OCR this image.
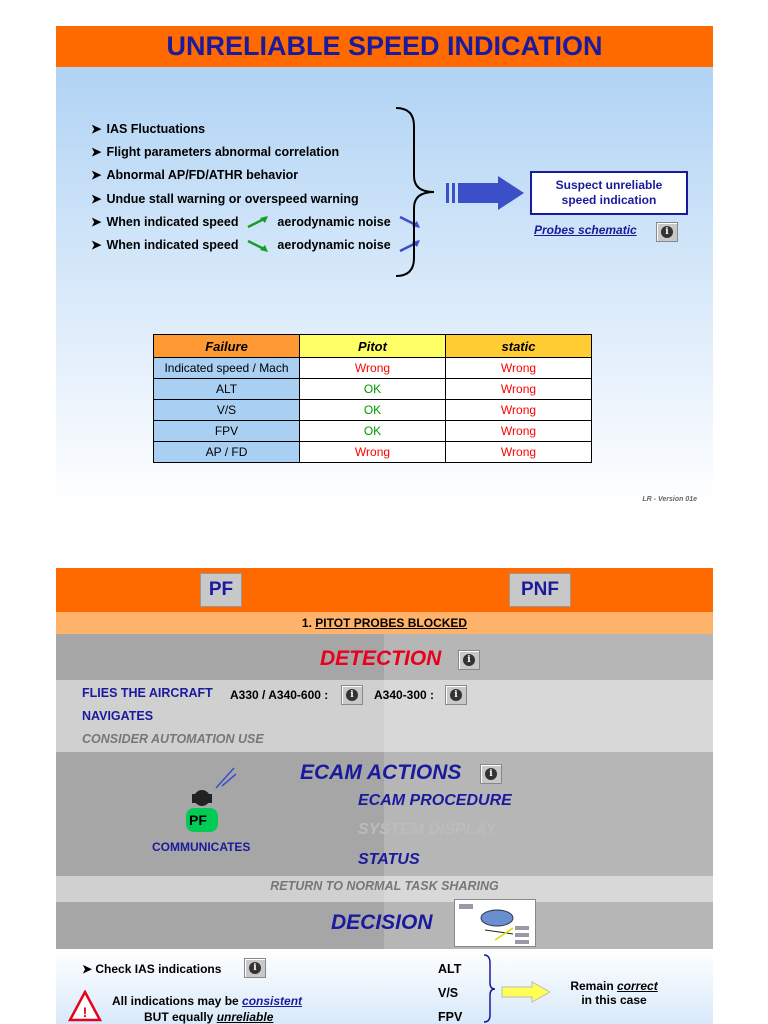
UNRELIABLE SPEED INDICATION
➤ IAS Fluctuations
➤ Flight parameters abnormal correlation
➤ Abnormal AP/FD/ATHR behavior
➤ Undue stall warning or overspeed warning
➤ When indicated speed	aerodynamic noise
➤ When indicated speed	aerodynamic noise
Suspect unreliable
speed indication
Probes schematic	i
Failure	Pitot	static
Indicated speed / Mach	Wrong	Wrong
ALT	OK	Wrong
V/S	OK	Wrong
FPV	OK	Wrong
AP / FD	Wrong	Wrong
LR - Version 01e
PF	PNF
1. PITOT PROBES BLOCKED
DETECTION	i
FLIES THE AIRCRAFT A330 / A340-600 :	i	A340-300 :	i
NAVIGATES
CONSIDER AUTOMATION USE
ECAM ACTIONS	i
ECAM PROCEDURE
SYSTEM DISPLAY
STATUS
PF
COMMUNICATES
RETURN TO NORMAL TASK SHARING
DECISION
➤ Check IAS indications	i
!
All indications may be consistent
BUT equally unreliable
ALT
V/S
FPV
Remain correct
in this case
